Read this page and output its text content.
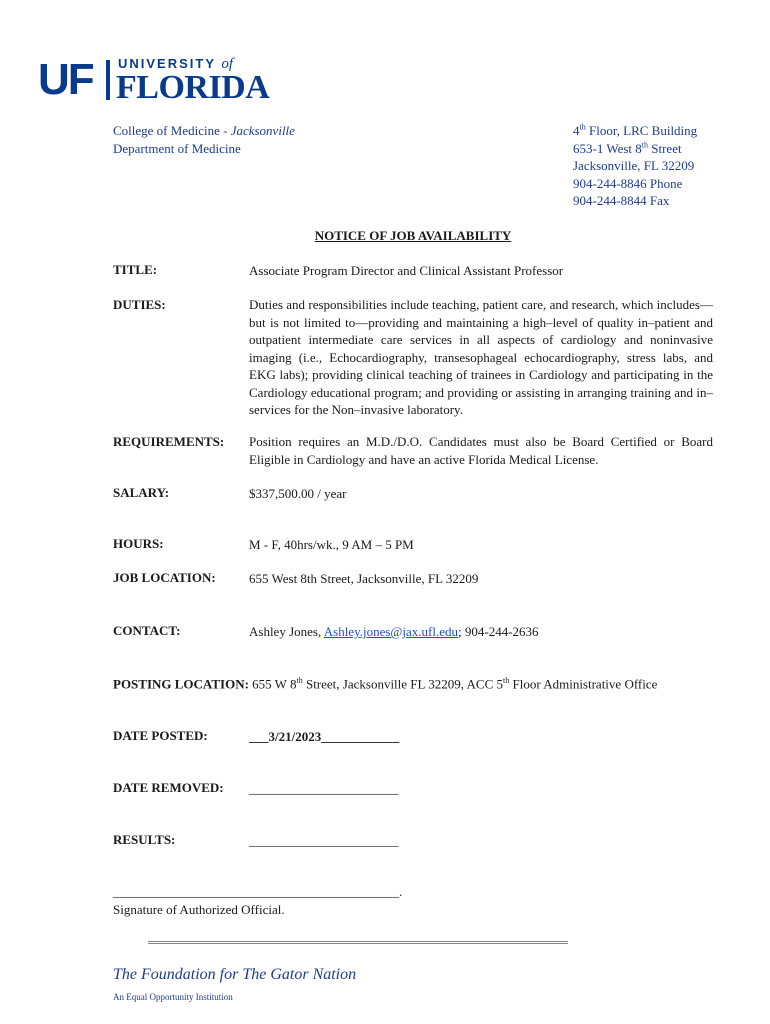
UF UNIVERSITY of
FLORIDA
College of Medicine - Jacksonville
Department of Medicine
4th Floor, LRC Building
653-1 West 8th Street
Jacksonville, FL 32209
904-244-8846 Phone
904-244-8844 Fax
NOTICE OF JOB AVAILABILITY
TITLE:	Associate Program Director and Clinical Assistant Professor
DUTIES:	Duties and responsibilities include teaching, patient care, and research, which includes—but is not limited to—providing and maintaining a high–level of quality in–patient and outpatient intermediate care services in all aspects of cardiology and noninvasive imaging (i.e., Echocardiography, transesophageal echocardiography, stress labs, and EKG labs); providing clinical teaching of trainees in Cardiology and participating in the Cardiology educational program; and providing or assisting in arranging training and in–services for the Non–invasive laboratory.
REQUIREMENTS: Position requires an M.D./D.O. Candidates must also be Board Certified or Board Eligible in Cardiology and have an active Florida Medical License.
SALARY:	$337,500.00 / year
HOURS:	M - F, 40hrs/wk., 9 AM – 5 PM
JOB LOCATION:	655 West 8th Street, Jacksonville, FL 32209
CONTACT:	Ashley Jones, Ashley.jones@jax.ufl.edu; 904-244-2636
POSTING LOCATION: 655 W 8th Street, Jacksonville FL 32209, ACC 5th Floor Administrative Office
DATE POSTED:	___3/21/2023____________
DATE REMOVED: _______________________
RESULTS:	_______________________
____________________________________________.
Signature of Authorized Official.
The Foundation for The Gator Nation
An Equal Opportunity Institution
